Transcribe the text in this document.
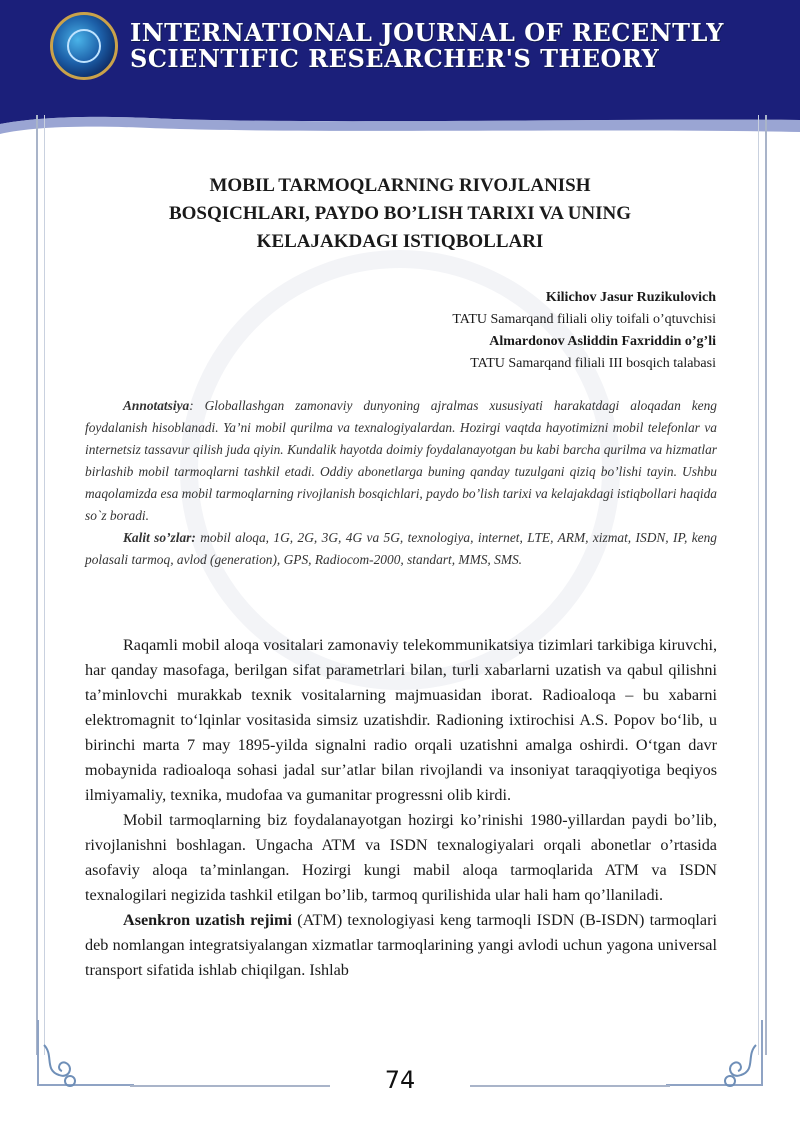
INTERNATIONAL JOURNAL OF RECENTLY
SCIENTIFIC RESEARCHER'S THEORY
MOBIL TARMOQLARNING RIVOJLANISH
BOSQICHLARI, PAYDO BO’LISH TARIXI VA UNING
KELAJAKDAGI ISTIQBOLLARI
Kilichov Jasur Ruzikulovich
TATU Samarqand filiali oliy toifali o’qtuvchisi
Almardonov Asliddin Faxriddin o’g’li
TATU Samarqand filiali III bosqich talabasi

Annotatsiya: Globallashgan zamonaviy dunyoning ajralmas xususiyati harakatdagi aloqadan keng foydalanish hisoblanadi. Ya’ni mobil qurilma va texnalogiyalardan. Hozirgi vaqtda hayotimizni mobil telefonlar va internetsiz tassavur qilish juda qiyin. Kundalik hayotda doimiy foydalanayotgan bu kabi barcha qurilma va hizmatlar birlashib mobil tarmoqlarni tashkil etadi. Oddiy abonetlarga buning qanday tuzulgani qiziq bo’lishi tayin. Ushbu maqolamizda esa mobil tarmoqlarning rivojlanish bosqichlari, paydo bo’lish tarixi va kelajakdagi istiqbollari haqida so`z boradi.

Kalit so’zlar: mobil aloqa, 1G, 2G, 3G, 4G va 5G, texnologiya, internet, LTE, ARM, xizmat, ISDN, IP, keng polasali tarmoq, avlod (generation), GPS, Radiocom-2000, standart, MMS, SMS.

Raqamli mobil aloqa vositalari zamonaviy telekommunikatsiya tizimlari tarkibiga kiruvchi, har qanday masofaga, berilgan sifat parametrlari bilan, turli xabarlarni uzatish va qabul qilishni ta’minlovchi murakkab texnik vositalarning majmuasidan iborat. Radioaloqa – bu xabarni elektromagnit to‘lqinlar vositasida simsiz uzatishdir. Radioning ixtirochisi A.S. Popov bo‘lib, u birinchi marta 7 may 1895-yilda signalni radio orqali uzatishni amalga oshirdi. O‘tgan davr mobaynida radioaloqa sohasi jadal sur’atlar bilan rivojlandi va insoniyat taraqqiyotiga beqiyos ilmiyamaliy, texnika, mudofaa va gumanitar progressni olib kirdi.

Mobil tarmoqlarning biz foydalanayotgan hozirgi ko’rinishi 1980-yillardan paydi bo’lib, rivojlanishni boshlagan. Ungacha ATM va ISDN texnalogiyalari orqali abonetlar o’rtasida asofaviy aloqa ta’minlangan. Hozirgi kungi mabil aloqa tarmoqlarida ATM va ISDN texnalogilari negizida tashkil etilgan bo’lib, tarmoq qurilishida ular hali ham qo’llaniladi.

Asenkron uzatish rejimi (ATM) texnologiyasi keng tarmoqli ISDN (B-ISDN) tarmoqlari deb nomlangan integratsiyalangan xizmatlar tarmoqlarining yangi avlodi uchun yagona universal transport sifatida ishlab chiqilgan. Ishlab

74
